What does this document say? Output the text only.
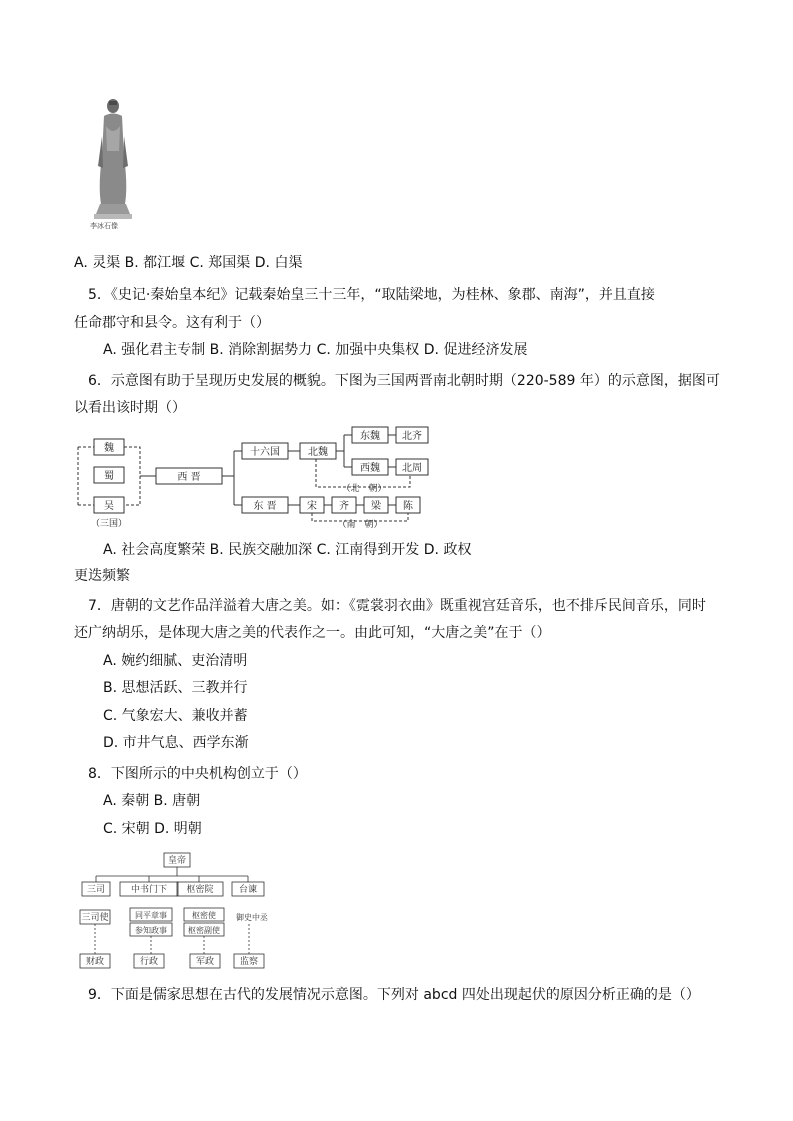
李冰石像
A. 灵渠 B. 都江堰 C. 郑国渠 D. 白渠
5．《史记·秦始皇本纪》记载秦始皇三十三年，“取陆梁地，为桂林、象郡、南海”，并且直接
任命郡守和县令。这有利于（）
A. 强化君主专制 B. 消除割据势力 C. 加强中央集权 D. 促进经济发展
6．示意图有助于呈现历史发展的概貌。下图为三国两晋南北朝时期（220-589 年）的示意图，据图可
以看出该时期（）
魏
蜀
吴
（三国）
西 晋
十六国	北魏
东魏 北齐
西魏 北周
（北　朝）
东 晋	宋 齐 梁 陈
（南　朝）
A. 社会高度繁荣 B. 民族交融加深 C. 江南得到开发 D. 政权
更迭频繁
7．唐朝的文艺作品洋溢着大唐之美。如：《霓裳羽衣曲》既重视宫廷音乐，也不排斥民间音乐，同时
还广纳胡乐，是体现大唐之美的代表作之一。由此可知，“大唐之美”在于（）
A. 婉约细腻、吏治清明
B. 思想活跃、三教并行
C. 气象宏大、兼收并蓄
D. 市井气息、西学东渐
8．下图所示的中央机构创立于（）
A. 秦朝 B. 唐朝
C. 宋朝 D. 明朝
皇帝
三司	中书门下 枢密院	台谏
三司使	同平章事
参知政事
枢密使
枢密副使
御史中丞
财政	行政	军政	监察
9．下面是儒家思想在古代的发展情况示意图。下列对 abcd 四处出现起伏的原因分析正确的是（）
